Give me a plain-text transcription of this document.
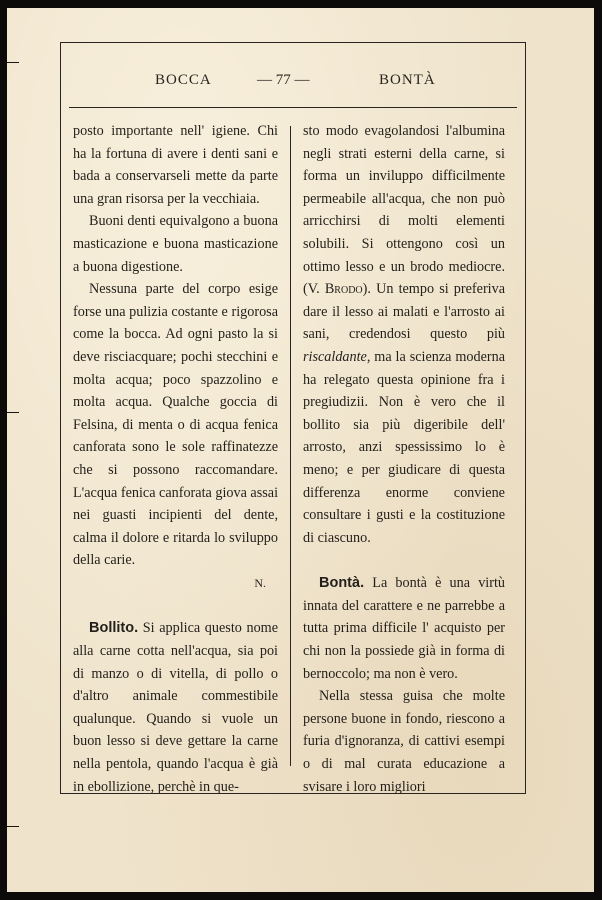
BOCCA	— 77 —	BONTÀ

posto importante nell' igiene. Chi ha la fortuna di avere i denti sani e bada a conservarseli mette da parte una gran risorsa per la vecchiaia.

Buoni denti equivalgono a buona masticazione e buona masticazione a buona digestione.

Nessuna parte del corpo esige forse una pulizia costante e rigorosa come la bocca. Ad ogni pasto la si deve risciacquare; pochi stecchini e molta acqua; poco spazzolino e molta acqua. Qualche goccia di Felsina, di menta o di acqua fenica canforata sono le sole raffinatezze che si possono raccomandare. L'acqua fenica canforata giova assai nei guasti incipienti del dente, calma il dolore e ritarda lo sviluppo della carie.

N.

Bollito. Si applica questo nome alla carne cotta nell'acqua, sia poi di manzo o di vitella, di pollo o d'altro animale commestibile qualunque. Quando si vuole un buon lesso si deve gettare la carne nella pentola, quando l'acqua è già in ebollizione, perchè in que-

sto modo evagolandosi l'albumina negli strati esterni della carne, si forma un inviluppo difficilmente permeabile all'acqua, che non può arricchirsi di molti elementi solubili. Si ottengono così un ottimo lesso e un brodo mediocre. (V. Brodo). Un tempo si preferiva dare il lesso ai malati e l'arrosto ai sani, credendosi questo più riscaldante, ma la scienza moderna ha relegato questa opinione fra i pregiudizii. Non è vero che il bollito sia più digeribile dell' arrosto, anzi spessissimo lo è meno; e per giudicare di questa differenza enorme conviene consultare i gusti e la costituzione di ciascuno.

Bontà. La bontà è una virtù innata del carattere e ne parrebbe a tutta prima difficile l' acquisto per chi non la possiede già in forma di bernoccolo; ma non è vero.

Nella stessa guisa che molte persone buone in fondo, riescono a furia d'ignoranza, di cattivi esempi o di mal curata educazione a svisare i loro migliori
